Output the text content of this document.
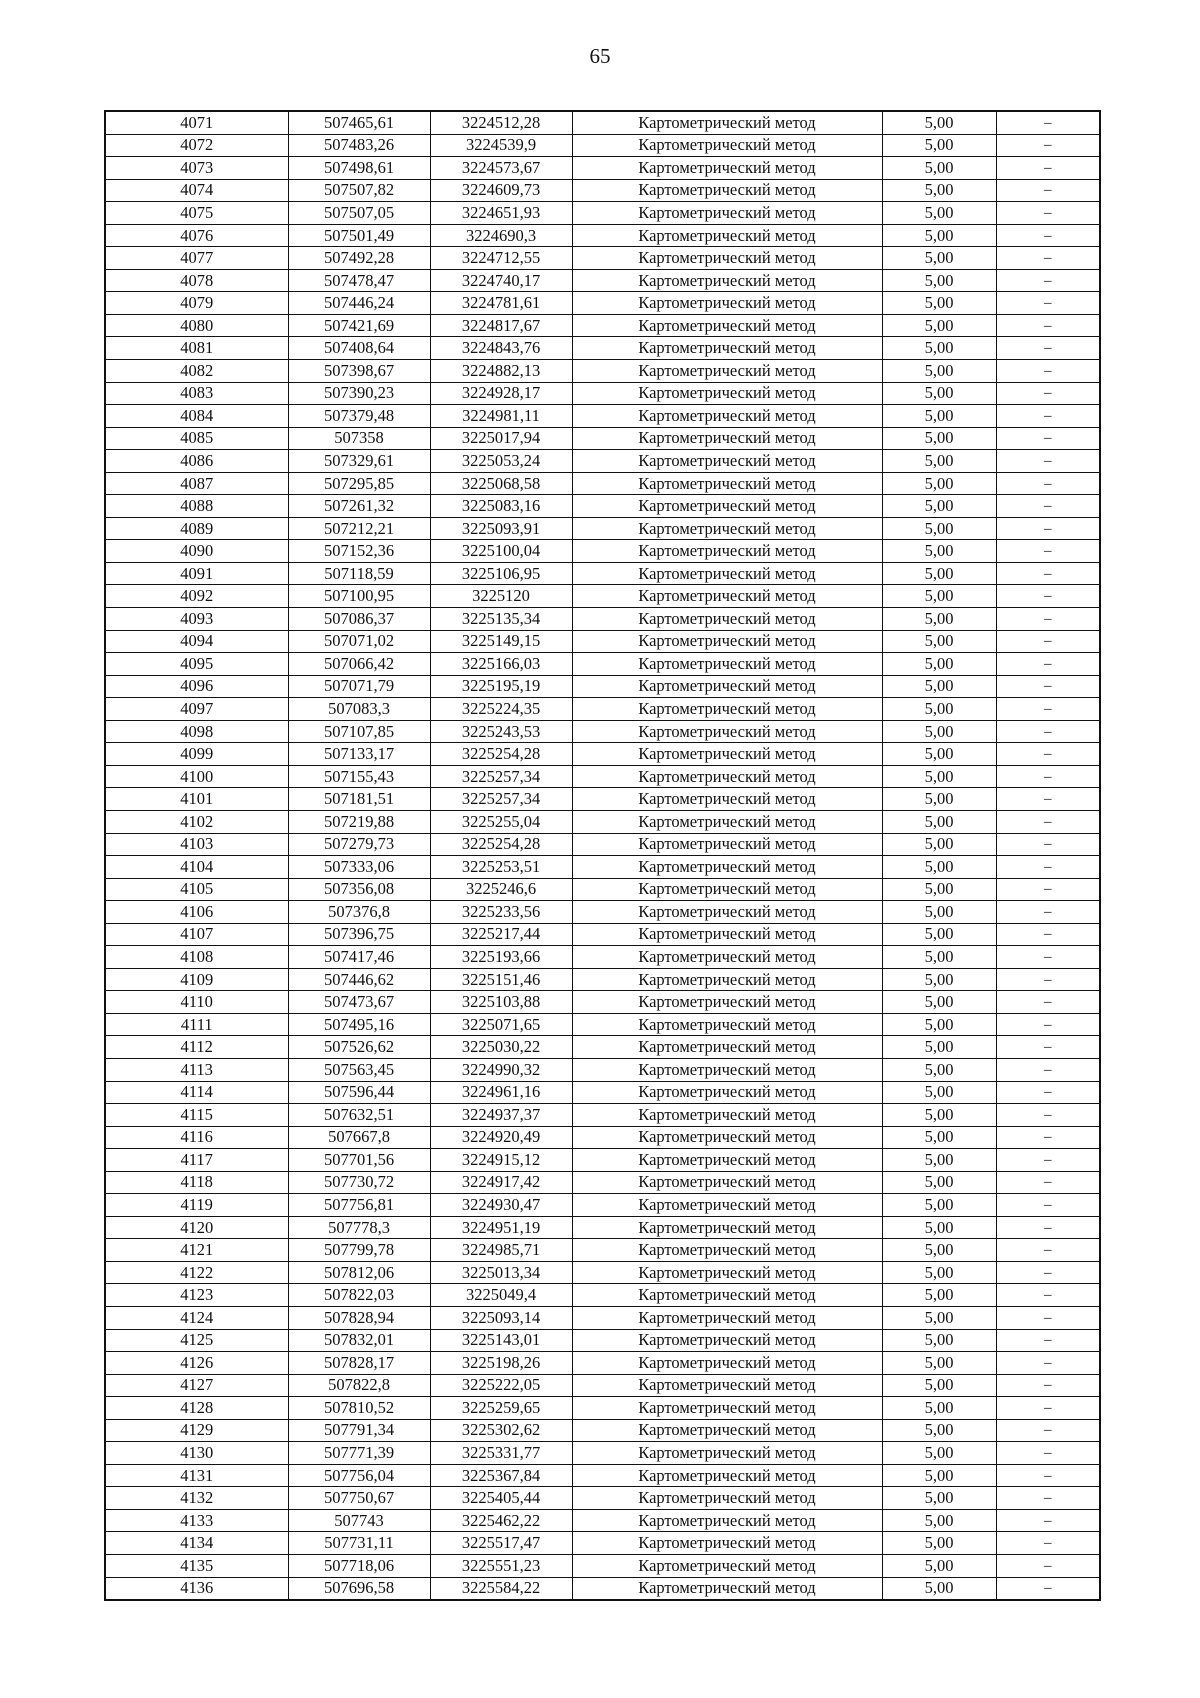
65
4071	507465,61	3224512,28	Картометрический метод	5,00	–
4072	507483,26	3224539,9	Картометрический метод	5,00	–
4073	507498,61	3224573,67	Картометрический метод	5,00	–
4074	507507,82	3224609,73	Картометрический метод	5,00	–
4075	507507,05	3224651,93	Картометрический метод	5,00	–
4076	507501,49	3224690,3	Картометрический метод	5,00	–
4077	507492,28	3224712,55	Картометрический метод	5,00	–
4078	507478,47	3224740,17	Картометрический метод	5,00	–
4079	507446,24	3224781,61	Картометрический метод	5,00	–
4080	507421,69	3224817,67	Картометрический метод	5,00	–
4081	507408,64	3224843,76	Картометрический метод	5,00	–
4082	507398,67	3224882,13	Картометрический метод	5,00	–
4083	507390,23	3224928,17	Картометрический метод	5,00	–
4084	507379,48	3224981,11	Картометрический метод	5,00	–
4085	507358	3225017,94	Картометрический метод	5,00	–
4086	507329,61	3225053,24	Картометрический метод	5,00	–
4087	507295,85	3225068,58	Картометрический метод	5,00	–
4088	507261,32	3225083,16	Картометрический метод	5,00	–
4089	507212,21	3225093,91	Картометрический метод	5,00	–
4090	507152,36	3225100,04	Картометрический метод	5,00	–
4091	507118,59	3225106,95	Картометрический метод	5,00	–
4092	507100,95	3225120	Картометрический метод	5,00	–
4093	507086,37	3225135,34	Картометрический метод	5,00	–
4094	507071,02	3225149,15	Картометрический метод	5,00	–
4095	507066,42	3225166,03	Картометрический метод	5,00	–
4096	507071,79	3225195,19	Картометрический метод	5,00	–
4097	507083,3	3225224,35	Картометрический метод	5,00	–
4098	507107,85	3225243,53	Картометрический метод	5,00	–
4099	507133,17	3225254,28	Картометрический метод	5,00	–
4100	507155,43	3225257,34	Картометрический метод	5,00	–
4101	507181,51	3225257,34	Картометрический метод	5,00	–
4102	507219,88	3225255,04	Картометрический метод	5,00	–
4103	507279,73	3225254,28	Картометрический метод	5,00	–
4104	507333,06	3225253,51	Картометрический метод	5,00	–
4105	507356,08	3225246,6	Картометрический метод	5,00	–
4106	507376,8	3225233,56	Картометрический метод	5,00	–
4107	507396,75	3225217,44	Картометрический метод	5,00	–
4108	507417,46	3225193,66	Картометрический метод	5,00	–
4109	507446,62	3225151,46	Картометрический метод	5,00	–
4110	507473,67	3225103,88	Картометрический метод	5,00	–
4111	507495,16	3225071,65	Картометрический метод	5,00	–
4112	507526,62	3225030,22	Картометрический метод	5,00	–
4113	507563,45	3224990,32	Картометрический метод	5,00	–
4114	507596,44	3224961,16	Картометрический метод	5,00	–
4115	507632,51	3224937,37	Картометрический метод	5,00	–
4116	507667,8	3224920,49	Картометрический метод	5,00	–
4117	507701,56	3224915,12	Картометрический метод	5,00	–
4118	507730,72	3224917,42	Картометрический метод	5,00	–
4119	507756,81	3224930,47	Картометрический метод	5,00	–
4120	507778,3	3224951,19	Картометрический метод	5,00	–
4121	507799,78	3224985,71	Картометрический метод	5,00	–
4122	507812,06	3225013,34	Картометрический метод	5,00	–
4123	507822,03	3225049,4	Картометрический метод	5,00	–
4124	507828,94	3225093,14	Картометрический метод	5,00	–
4125	507832,01	3225143,01	Картометрический метод	5,00	–
4126	507828,17	3225198,26	Картометрический метод	5,00	–
4127	507822,8	3225222,05	Картометрический метод	5,00	–
4128	507810,52	3225259,65	Картометрический метод	5,00	–
4129	507791,34	3225302,62	Картометрический метод	5,00	–
4130	507771,39	3225331,77	Картометрический метод	5,00	–
4131	507756,04	3225367,84	Картометрический метод	5,00	–
4132	507750,67	3225405,44	Картометрический метод	5,00	–
4133	507743	3225462,22	Картометрический метод	5,00	–
4134	507731,11	3225517,47	Картометрический метод	5,00	–
4135	507718,06	3225551,23	Картометрический метод	5,00	–
4136	507696,58	3225584,22	Картометрический метод	5,00	–
